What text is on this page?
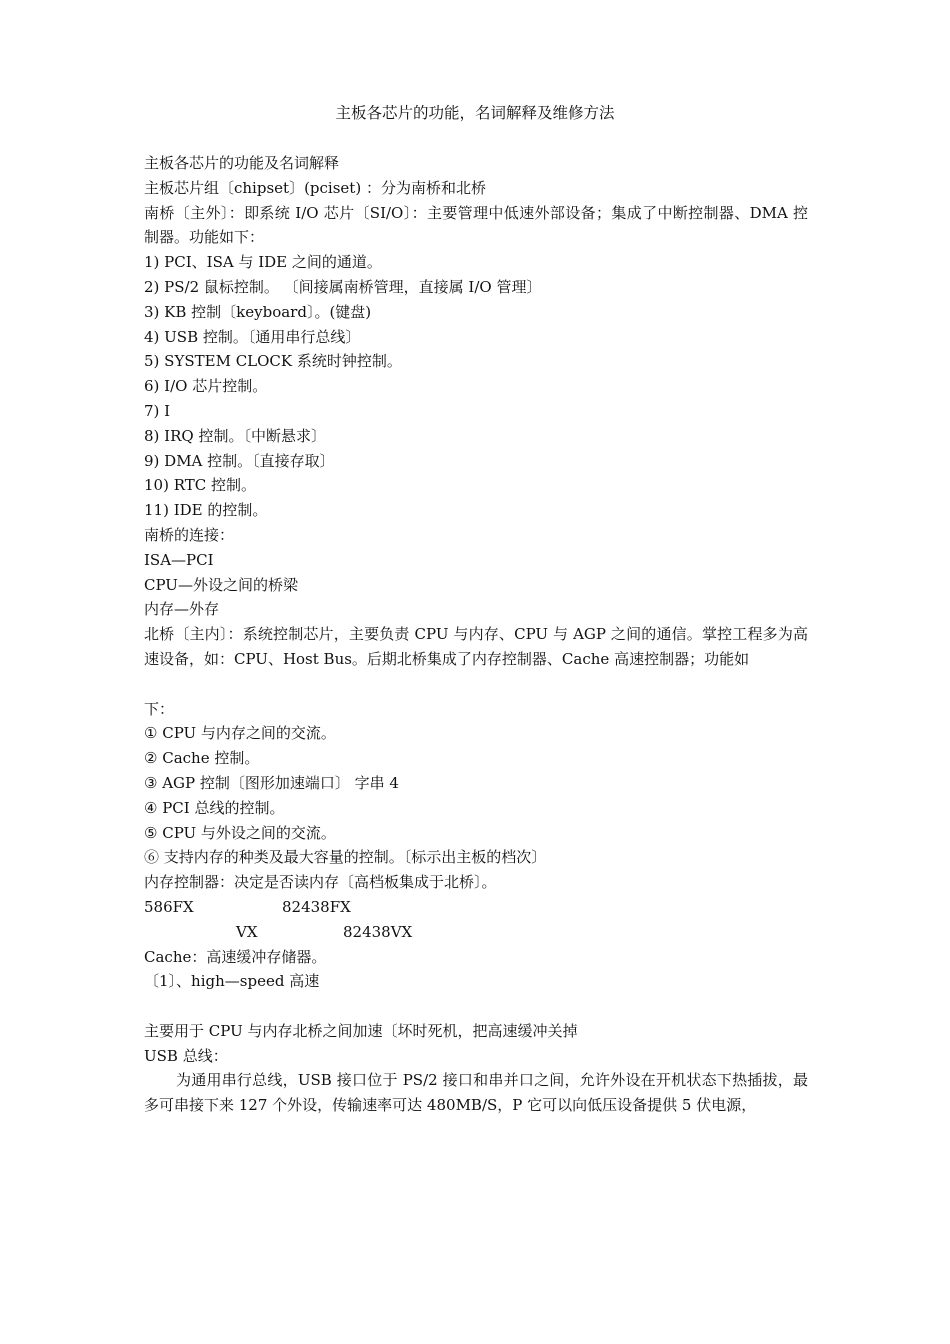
主板各芯片的功能，名词解释及维修方法

主板各芯片的功能及名词解释

主板芯片组〔chipset〕(pciset) ：分为南桥和北桥

南桥〔主外〕：即系统 I/O 芯片〔SI/O〕：主要管理中低速外部设备；集成了中断控制器、DMA 控制器。功能如下：

1) PCI、ISA 与 IDE 之间的通道。

2) PS/2 鼠标控制。 〔间接属南桥管理，直接属 I/O 管理〕

3) KB 控制〔keyboard〕。(键盘)

4) USB 控制。〔通用串行总线〕

5) SYSTEM CLOCK 系统时钟控制。

6) I/O 芯片控制。

7) I

8) IRQ 控制。〔中断悬求〕

9) DMA 控制。〔直接存取〕

10) RTC 控制。

11) IDE 的控制。

南桥的连接：

ISA—PCI

CPU—外设之间的桥梁

内存—外存

北桥〔主内〕：系统控制芯片，主要负责 CPU 与内存、CPU 与 AGP 之间的通信。掌控工程多为高速设备，如：CPU、Host Bus。后期北桥集成了内存控制器、Cache 高速控制器；功能如

下：

① CPU 与内存之间的交流。

② Cache 控制。

③ AGP 控制〔图形加速端口〕 字串 4

④ PCI 总线的控制。

⑤ CPU 与外设之间的交流。

⑥ 支持内存的种类及最大容量的控制。〔标示出主板的档次〕

内存控制器：决定是否读内存〔高档板集成于北桥〕。

586FX	82438FX
VX	82438VX

Cache：高速缓冲存储器。

〔1〕、high—speed 高速

主要用于 CPU 与内存北桥之间加速〔坏时死机，把高速缓冲关掉

USB 总线：

为通用串行总线，USB 接口位于 PS/2 接口和串并口之间，允许外设在开机状态下热插拔，最多可串接下来 127 个外设，传输速率可达 480MB/S，P 它可以向低压设备提供 5 伏电源，
